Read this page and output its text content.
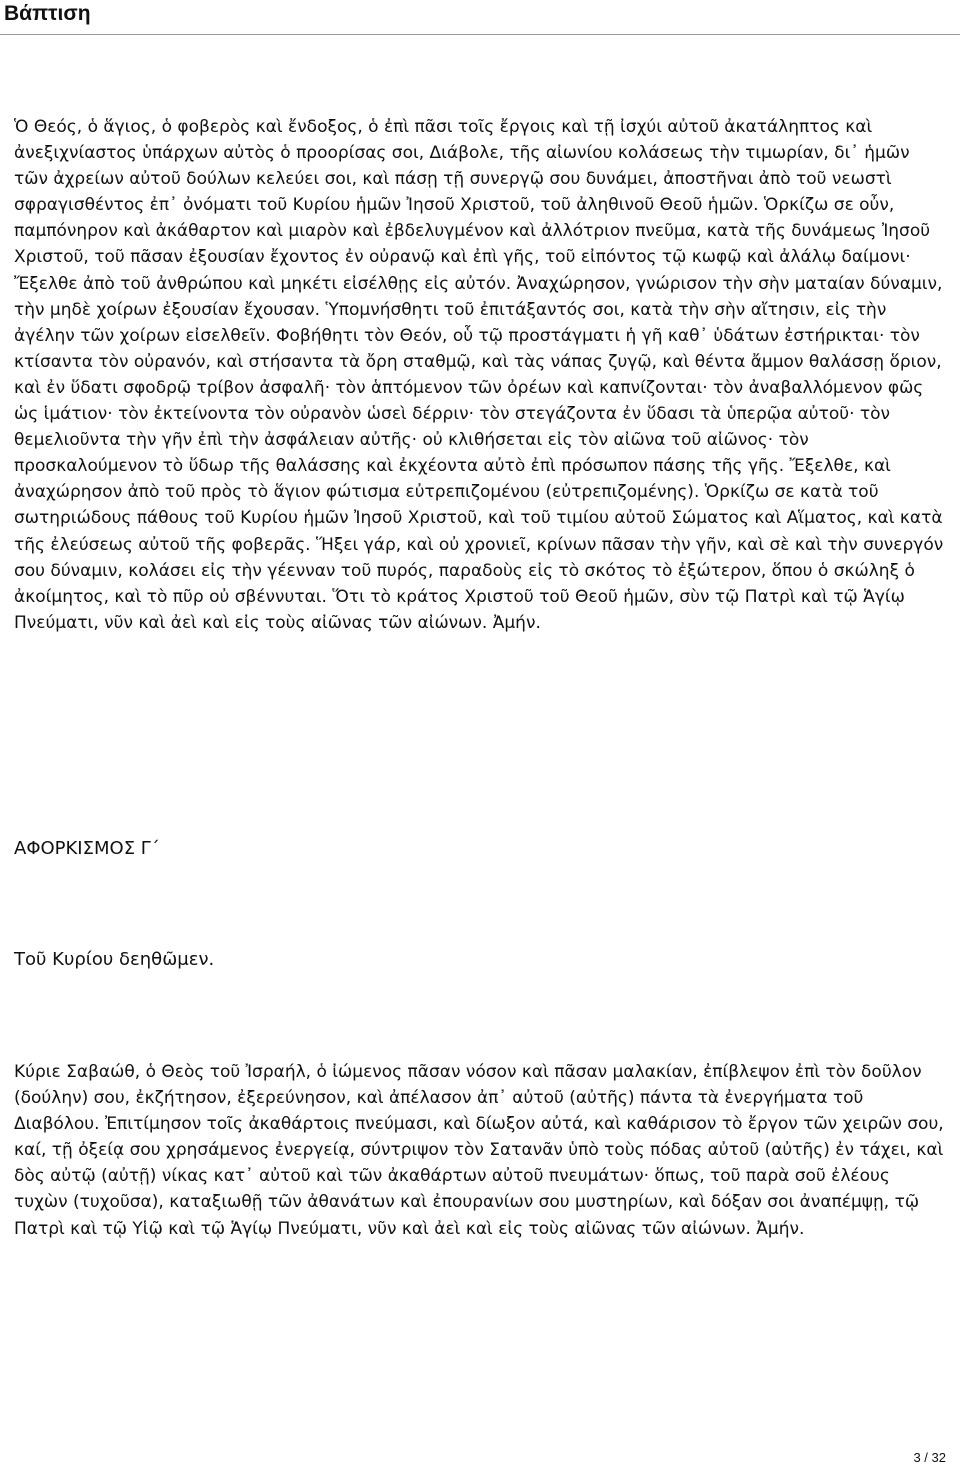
Βάπτιση

Ὁ Θεός, ὁ ἅγιος, ὁ φοβερὸς καὶ ἔνδοξος, ὁ ἐπὶ πᾶσι τοῖς ἔργοις καὶ τῇ ἰσχύι αὐτοῦ ἀκατάληπτος καὶ ἀνεξιχνίαστος ὑπάρχων αὐτὸς ὁ προορίσας σοι, Διάβολε, τῆς αἰωνίου κολάσεως τὴν τιμωρίαν, δι᾽ ἡμῶν τῶν ἀχρείων αὐτοῦ δούλων κελεύει σοι, καὶ πάσῃ τῇ συνεργῷ σου δυνάμει, ἀποστῆναι ἀπὸ τοῦ νεωστὶ σφραγισθέντος ἐπ᾽ ὀνόματι τοῦ Κυρίου ἡμῶν Ἰησοῦ Χριστοῦ, τοῦ ἀληθινοῦ Θεοῦ ἡμῶν. Ὁρκίζω σε οὖν, παμπόνηρον καὶ ἀκάθαρτον καὶ μιαρὸν καὶ ἐβδελυγμένον καὶ ἀλλότριον πνεῦμα, κατὰ τῆς δυνάμεως Ἰησοῦ Χριστοῦ, τοῦ πᾶσαν ἐξουσίαν ἔχοντος ἐν οὐρανῷ καὶ ἐπὶ γῆς, τοῦ εἰπόντος τῷ κωφῷ καὶ ἀλάλῳ δαίμονι· Ἔξελθε ἀπὸ τοῦ ἀνθρώπου καὶ μηκέτι εἰσέλθῃς εἰς αὐτόν. Ἀναχώρησον, γνώρισον τὴν σὴν ματαίαν δύναμιν, τὴν μηδὲ χοίρων ἐξουσίαν ἔχουσαν. Ὑπομνήσθητι τοῦ ἐπιτάξαντός σοι, κατὰ τὴν σὴν αἴτησιν, εἰς τὴν ἀγέλην τῶν χοίρων εἰσελθεῖν. Φοβήθητι τὸν Θεόν, οὗ τῷ προστάγματι ἡ γῆ καθ᾽ ὑδάτων ἐστήρικται· τὸν κτίσαντα τὸν οὐρανόν, καὶ στήσαντα τὰ ὄρη σταθμῷ, καὶ τὰς νάπας ζυγῷ, καὶ θέντα ἄμμον θαλάσσῃ ὅριον, καὶ ἐν ὕδατι σφοδρῷ τρίβον ἀσφαλῆ· τὸν ἁπτόμενον τῶν ὀρέων καὶ καπνίζονται· τὸν ἀναβαλλόμενον φῶς ὡς ἱμάτιον· τὸν ἐκτείνοντα τὸν οὐρανὸν ὡσεὶ δέρριν· τὸν στεγάζοντα ἐν ὕδασι τὰ ὑπερῷα αὐτοῦ· τὸν θεμελιοῦντα τὴν γῆν ἐπὶ τὴν ἀσφάλειαν αὐτῆς· οὐ κλιθήσεται εἰς τὸν αἰῶνα τοῦ αἰῶνος· τὸν προσκαλούμενον τὸ ὕδωρ τῆς θαλάσσης καὶ ἐκχέοντα αὐτὸ ἐπὶ πρόσωπον πάσης τῆς γῆς. Ἔξελθε, καὶ ἀναχώρησον ἀπὸ τοῦ πρὸς τὸ ἅγιον φώτισμα εὐτρεπιζομένου (εὐτρεπιζομένης). Ὁρκίζω σε κατὰ τοῦ σωτηριώδους πάθους τοῦ Κυρίου ἡμῶν Ἰησοῦ Χριστοῦ, καὶ τοῦ τιμίου αὐτοῦ Σώματος καὶ Αἵματος, καὶ κατὰ τῆς ἐλεύσεως αὐτοῦ τῆς φοβερᾶς. Ἥξει γάρ, καὶ οὐ χρονιεῖ, κρίνων πᾶσαν τὴν γῆν, καὶ σὲ καὶ τὴν συνεργόν σου δύναμιν, κολάσει εἰς τὴν γέενναν τοῦ πυρός, παραδοὺς εἰς τὸ σκότος τὸ ἐξώτερον, ὅπου ὁ σκώληξ ὁ ἀκοίμητος, καὶ τὸ πῦρ οὐ σβέννυται. Ὅτι τὸ κράτος Χριστοῦ τοῦ Θεοῦ ἡμῶν, σὺν τῷ Πατρὶ καὶ τῷ Ἁγίῳ Πνεύματι, νῦν καὶ ἀεὶ καὶ εἰς τοὺς αἰῶνας τῶν αἰώνων. Ἀμήν.

ΑΦΟΡΚΙΣΜΟΣ Γ΄

Τοῦ Κυρίου δεηθῶμεν.

Κύριε Σαβαώθ, ὁ Θεὸς τοῦ Ἰσραήλ, ὁ ἰώμενος πᾶσαν νόσον καὶ πᾶσαν μαλακίαν, ἐπίβλεψον ἐπὶ τὸν δοῦλον (δούλην) σου, ἐκζήτησον, ἐξερεύνησον, καὶ ἀπέλασον ἀπ᾽ αὐτοῦ (αὐτῆς) πάντα τὰ ἐνεργήματα τοῦ Διαβόλου. Ἐπιτίμησον τοῖς ἀκαθάρτοις πνεύμασι, καὶ δίωξον αὐτά, καὶ καθάρισον τὸ ἔργον τῶν χειρῶν σου, καί, τῇ ὀξείᾳ σου χρησάμενος ἐνεργείᾳ, σύντριψον τὸν Σατανᾶν ὑπὸ τοὺς πόδας αὐτοῦ (αὐτῆς) ἐν τάχει, καὶ δὸς αὐτῷ (αὐτῇ) νίκας κατ᾽ αὐτοῦ καὶ τῶν ἀκαθάρτων αὐτοῦ πνευμάτων· ὅπως, τοῦ παρὰ σοῦ ἐλέους τυχὼν (τυχοῦσα), καταξιωθῇ τῶν ἀθανάτων καὶ ἐπουρανίων σου μυστηρίων, καὶ δόξαν σοι ἀναπέμψῃ, τῷ Πατρὶ καὶ τῷ Υἱῷ καὶ τῷ Ἁγίῳ Πνεύματι, νῦν καὶ ἀεὶ καὶ εἰς τοὺς αἰῶνας τῶν αἰώνων. Ἀμήν.

3 / 32
